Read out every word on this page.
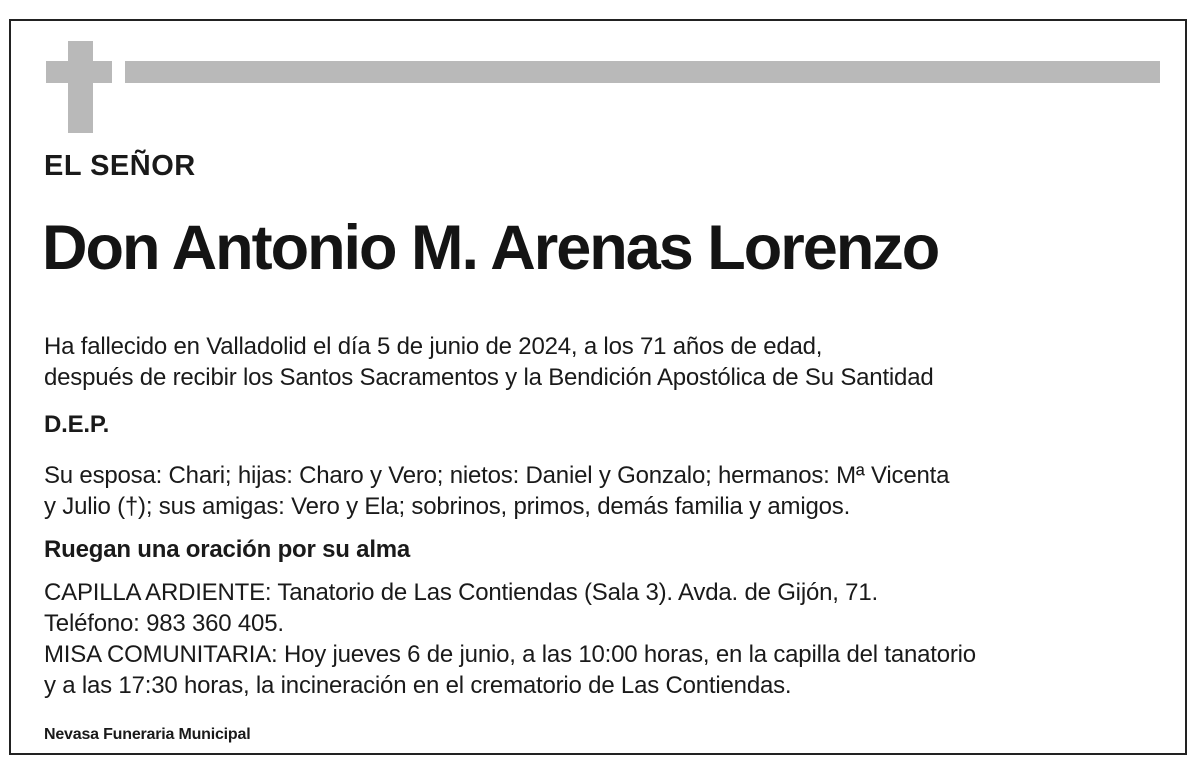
EL SEÑOR
Don Antonio M. Arenas Lorenzo
Ha fallecido en Valladolid el día 5 de junio de 2024, a los 71 años de edad,
después de recibir los Santos Sacramentos y la Bendición Apostólica de Su Santidad
D.E.P.
Su esposa: Chari; hijas: Charo y Vero; nietos: Daniel y Gonzalo; hermanos: Mª Vicenta
y Julio (†); sus amigas: Vero y Ela; sobrinos, primos, demás familia y amigos.
Ruegan una oración por su alma
CAPILLA ARDIENTE: Tanatorio de Las Contiendas (Sala 3). Avda. de Gijón, 71.
Teléfono: 983 360 405.
MISA COMUNITARIA: Hoy jueves 6 de junio, a las 10:00 horas, en la capilla del tanatorio
y a las 17:30 horas, la incineración en el crematorio de Las Contiendas.
Nevasa Funeraria Municipal
